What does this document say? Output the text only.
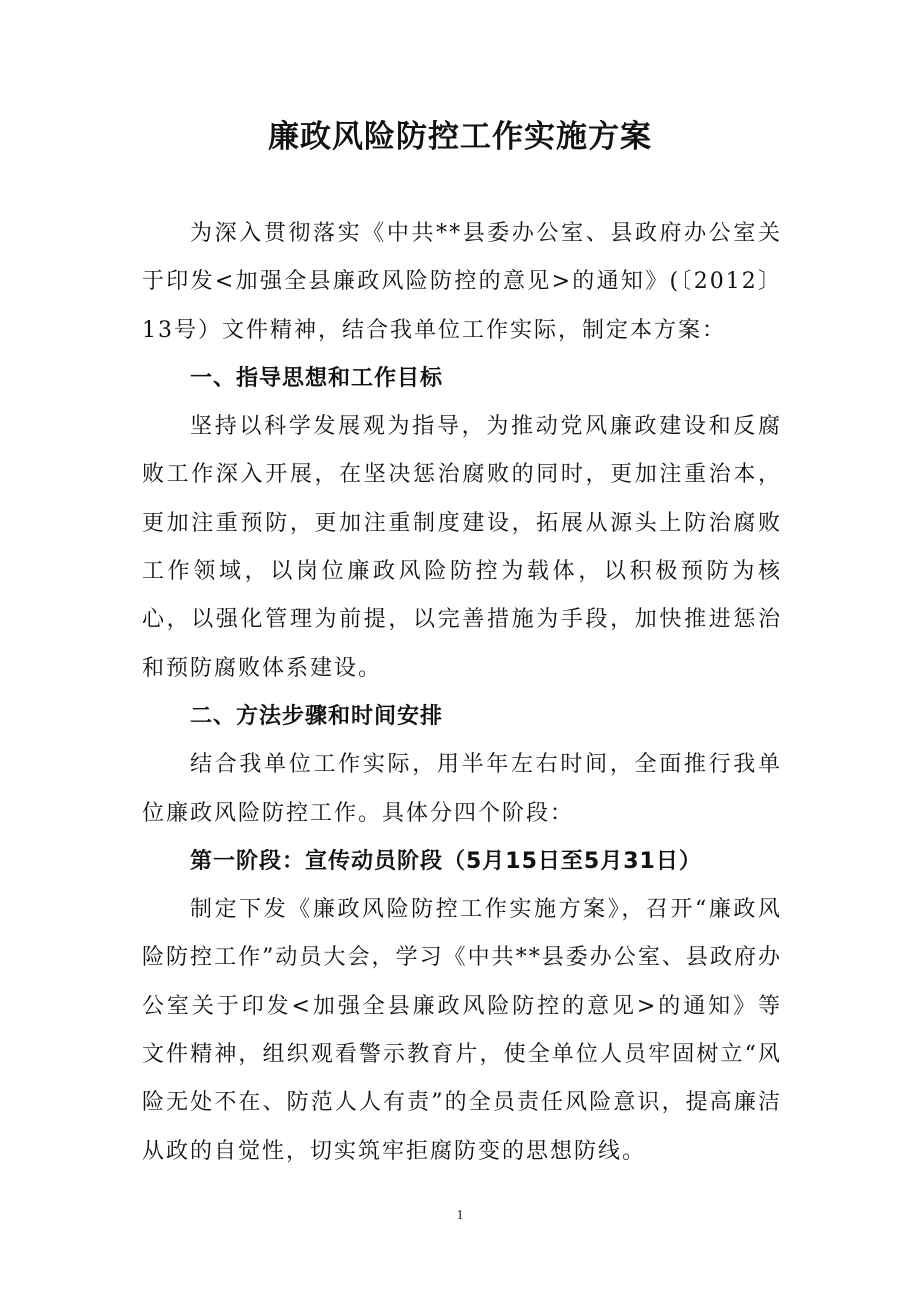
廉政风险防控工作实施方案

为深入贯彻落实《中共**县委办公室、县政府办公室关于印发<加强全县廉政风险防控的意见>的通知》(〔2012〕13号）文件精神，结合我单位工作实际，制定本方案：

一、指导思想和工作目标

坚持以科学发展观为指导，为推动党风廉政建设和反腐败工作深入开展，在坚决惩治腐败的同时，更加注重治本，更加注重预防，更加注重制度建设，拓展从源头上防治腐败工作领域，以岗位廉政风险防控为载体，以积极预防为核心，以强化管理为前提，以完善措施为手段，加快推进惩治和预防腐败体系建设。

二、方法步骤和时间安排

结合我单位工作实际，用半年左右时间，全面推行我单位廉政风险防控工作。具体分四个阶段：

第一阶段：宣传动员阶段（5月15日至5月31日）

制定下发《廉政风险防控工作实施方案》，召开“廉政风险防控工作”动员大会，学习《中共**县委办公室、县政府办公室关于印发<加强全县廉政风险防控的意见>的通知》等文件精神，组织观看警示教育片，使全单位人员牢固树立“风险无处不在、防范人人有责”的全员责任风险意识，提高廉洁从政的自觉性，切实筑牢拒腐防变的思想防线。

1
